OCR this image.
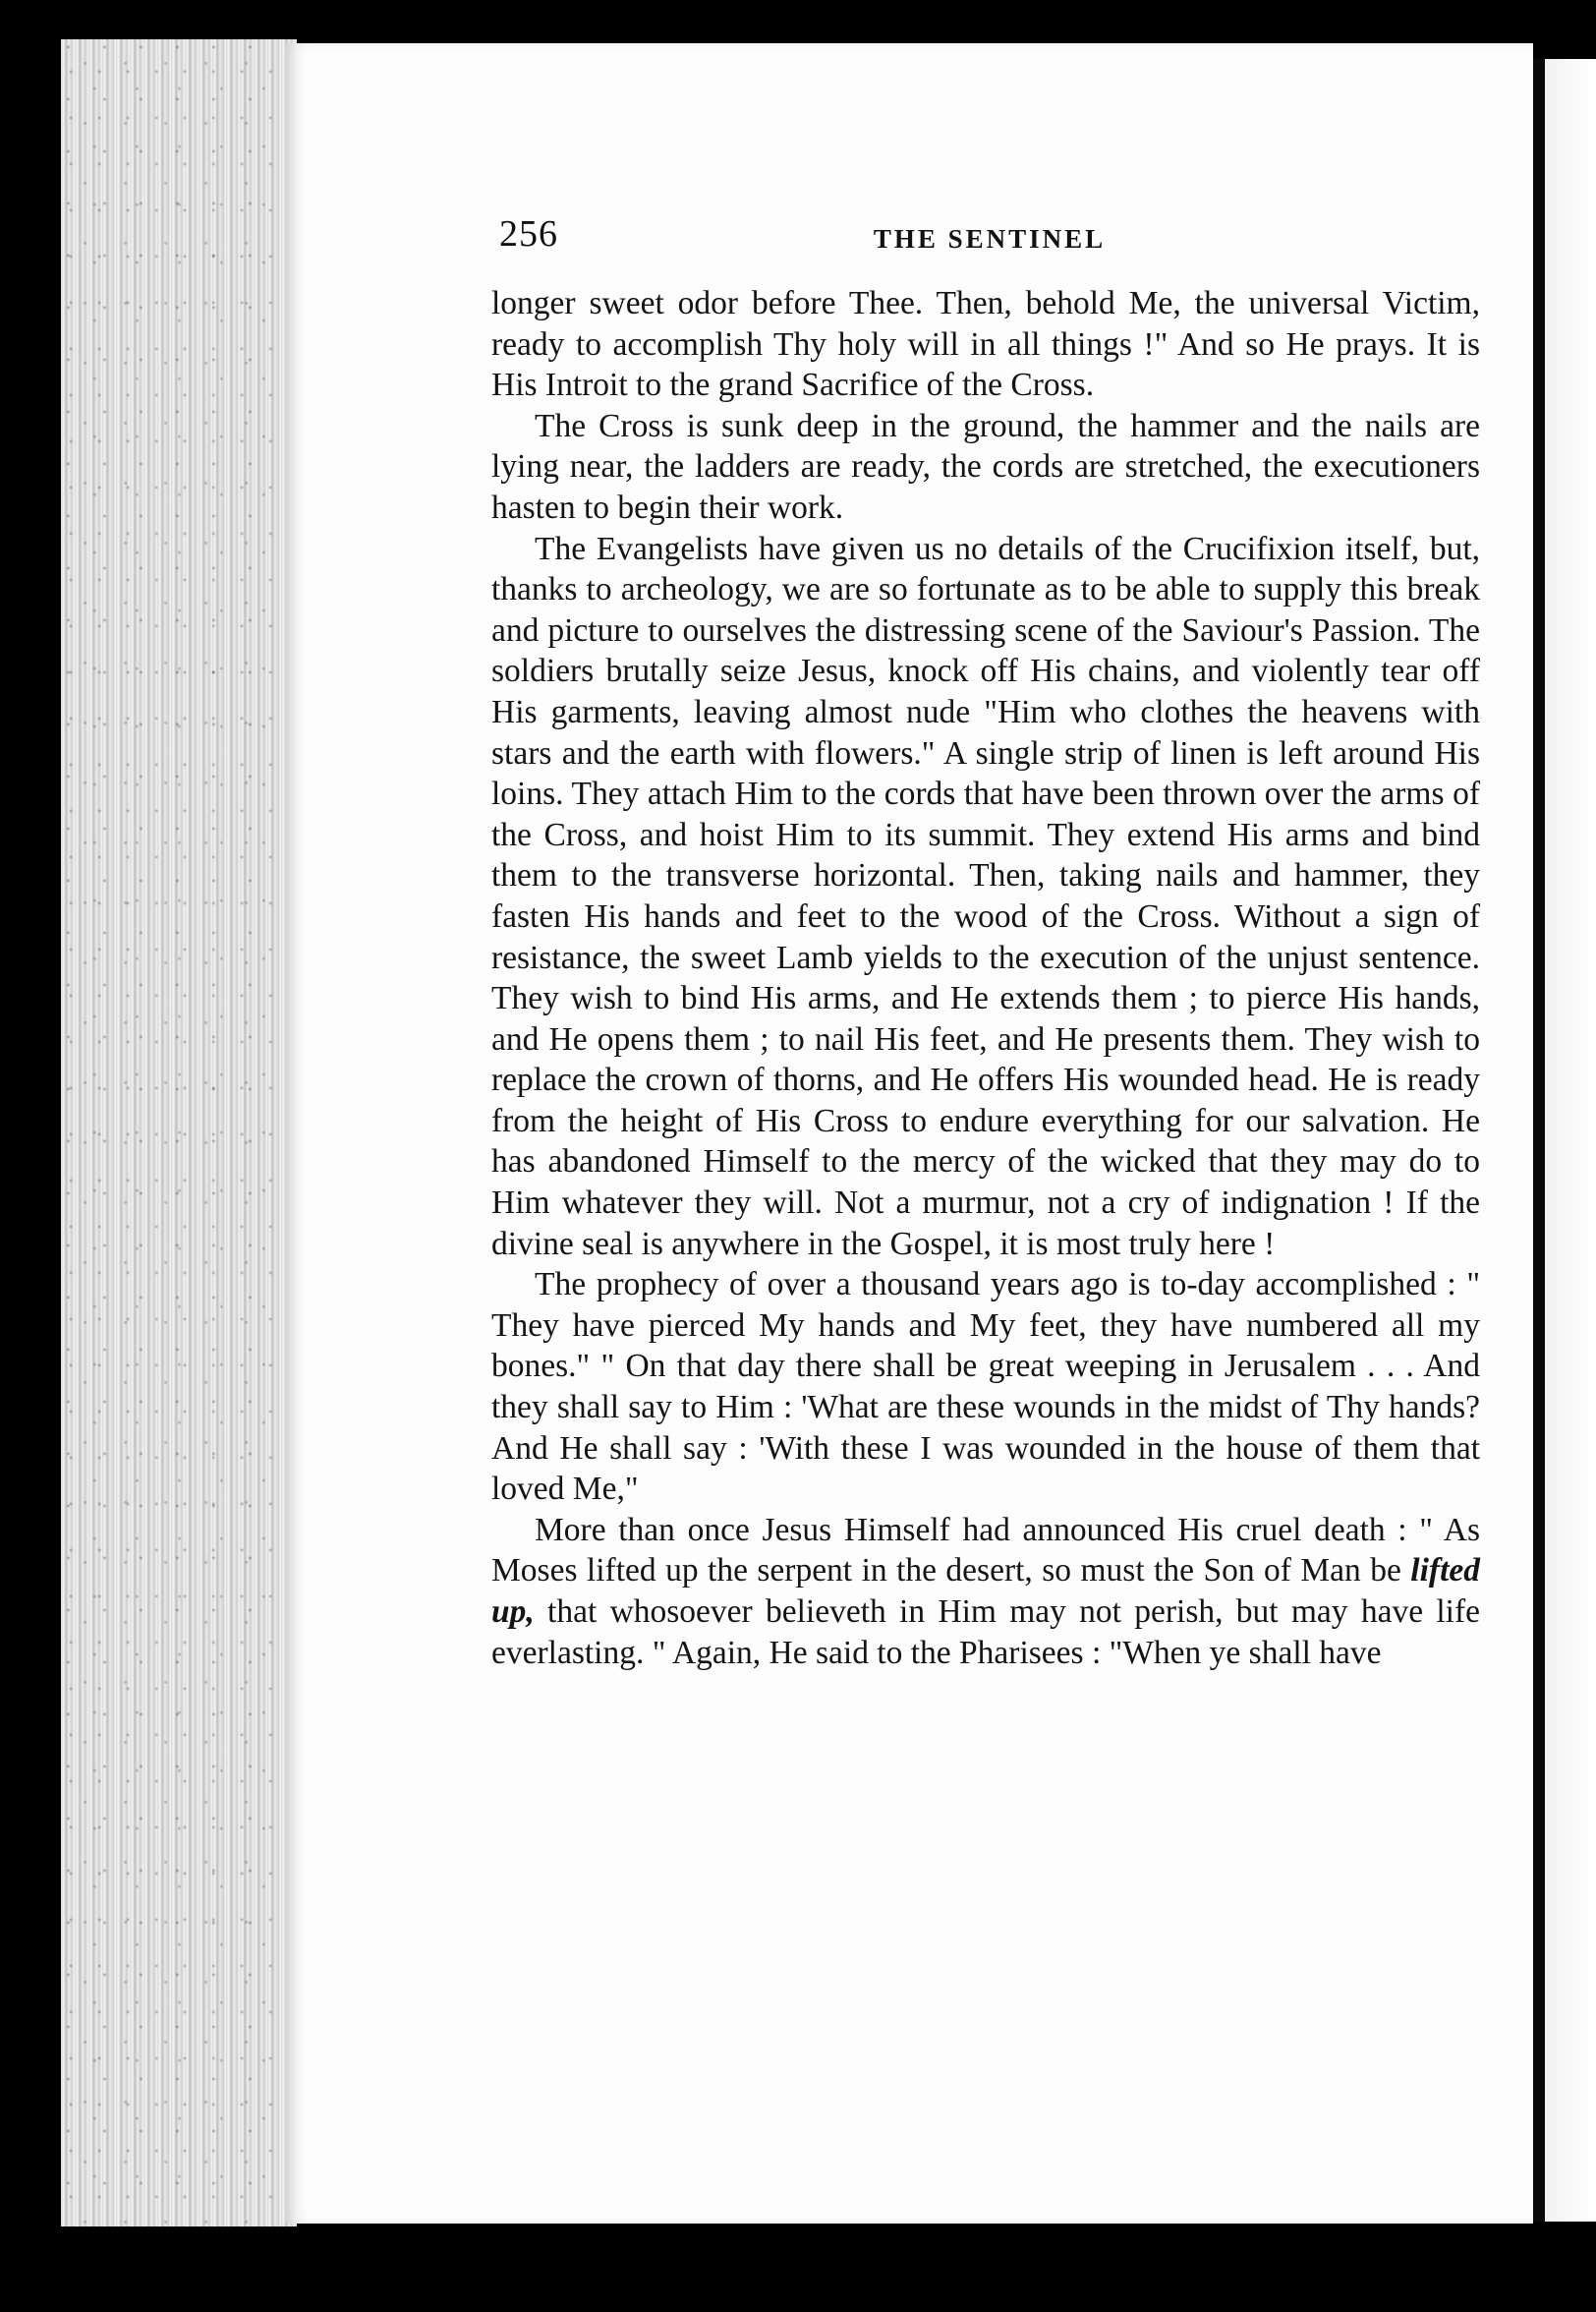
256	THE SENTINEL

longer sweet odor before Thee. Then, behold Me, the universal Victim, ready to accomplish Thy holy will in all things !" And so He prays. It is His Introit to the grand Sacrifice of the Cross.

The Cross is sunk deep in the ground, the hammer and the nails are lying near, the ladders are ready, the cords are stretched, the executioners hasten to begin their work.

The Evangelists have given us no details of the Crucifixion itself, but, thanks to archeology, we are so fortunate as to be able to supply this break and picture to ourselves the distressing scene of the Saviour's Passion. The soldiers brutally seize Jesus, knock off His chains, and violently tear off His garments, leaving almost nude "Him who clothes the heavens with stars and the earth with flowers." A single strip of linen is left around His loins. They attach Him to the cords that have been thrown over the arms of the Cross, and hoist Him to its summit. They extend His arms and bind them to the transverse horizontal. Then, taking nails and hammer, they fasten His hands and feet to the wood of the Cross. Without a sign of resistance, the sweet Lamb yields to the execution of the unjust sentence. They wish to bind His arms, and He extends them ; to pierce His hands, and He opens them ; to nail His feet, and He presents them. They wish to replace the crown of thorns, and He offers His wounded head. He is ready from the height of His Cross to endure everything for our salvation. He has abandoned Himself to the mercy of the wicked that they may do to Him whatever they will. Not a murmur, not a cry of indignation ! If the divine seal is anywhere in the Gospel, it is most truly here !

The prophecy of over a thousand years ago is to-day accomplished : " They have pierced My hands and My feet, they have numbered all my bones." " On that day there shall be great weeping in Jerusalem . . . And they shall say to Him : 'What are these wounds in the midst of Thy hands? And He shall say : 'With these I was wounded in the house of them that loved Me,"

More than once Jesus Himself had announced His cruel death : " As Moses lifted up the serpent in the desert, so must the Son of Man be lifted up, that whosoever believeth in Him may not perish, but may have life everlasting. " Again, He said to the Pharisees : "When ye shall have
